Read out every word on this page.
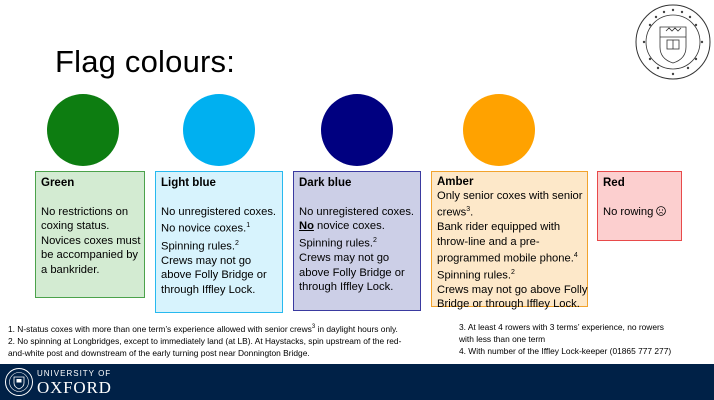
Flag colours:
Green
No restrictions on
coxing status.
Novices coxes must
be accompanied by
a bankrider.
Light blue
No unregistered coxes.
No novice coxes.$^1$
Spinning rules.$^2$
Crews may not go
above Folly Bridge or
through Iffley Lock.
Dark blue
No unregistered coxes.
No novice coxes.
Spinning rules.$^2$
Crews may not go
above Folly Bridge or
through Iffley Lock.
Amber
Only senior coxes with senior
crews$^3$.
Bank rider equipped with
throw-line and a pre-
programmed mobile phone.$^4$
Spinning rules.$^2$
Crews may not go above Folly
Bridge or through Iffley Lock.
Red
No rowing
1. N-status coxes with more than one term’s experience allowed with senior crews$^3$ in daylight hours only.
2. No spinning at Longbridges, except to immediately land (at LB). At Haystacks, spin upstream of the red-
and-white post and downstream of the early turning post near Donnington Bridge.
3. At least 4 rowers with 3 terms’ experience, no rowers
with less than one term
4. With number of the Iffley Lock-keeper (01865 777 277)
UNIVERSITY OF
OXFORD
